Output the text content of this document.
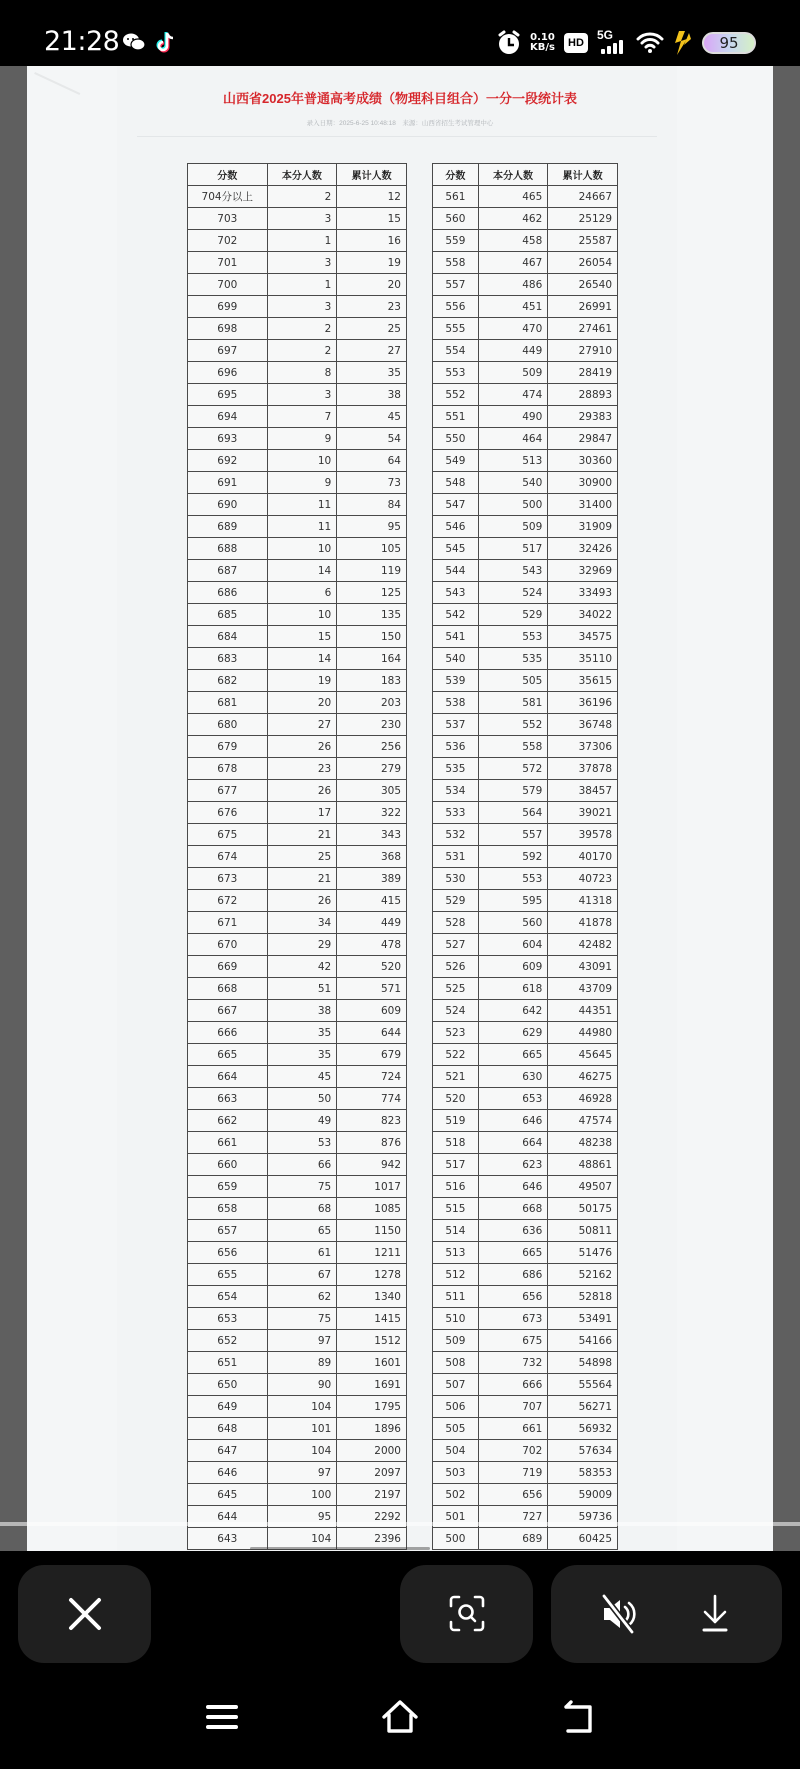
21:28	0.10
KB/s	HD
5G	95
山西省2025年普通高考成绩（物理科目组合）一分一段统计表
录入日期：2025-6-25 10:48:18　来源：山西省招生考试管理中心
分数	本分人数	累计人数
704分以上	2	12
703	3	15
702	1	16
701	3	19
700	1	20
699	3	23
698	2	25
697	2	27
696	8	35
695	3	38
694	7	45
693	9	54
692	10	64
691	9	73
690	11	84
689	11	95
688	10	105
687	14	119
686	6	125
685	10	135
684	15	150
683	14	164
682	19	183
681	20	203
680	27	230
679	26	256
678	23	279
677	26	305
676	17	322
675	21	343
674	25	368
673	21	389
672	26	415
671	34	449
670	29	478
669	42	520
668	51	571
667	38	609
666	35	644
665	35	679
664	45	724
663	50	774
662	49	823
661	53	876
660	66	942
659	75	1017
658	68	1085
657	65	1150
656	61	1211
655	67	1278
654	62	1340
653	75	1415
652	97	1512
651	89	1601
650	90	1691
649	104	1795
648	101	1896
647	104	2000
646	97	2097
645	100	2197
644	95	2292
643	104	2396
分数	本分人数	累计人数
561	465	24667
560	462	25129
559	458	25587
558	467	26054
557	486	26540
556	451	26991
555	470	27461
554	449	27910
553	509	28419
552	474	28893
551	490	29383
550	464	29847
549	513	30360
548	540	30900
547	500	31400
546	509	31909
545	517	32426
544	543	32969
543	524	33493
542	529	34022
541	553	34575
540	535	35110
539	505	35615
538	581	36196
537	552	36748
536	558	37306
535	572	37878
534	579	38457
533	564	39021
532	557	39578
531	592	40170
530	553	40723
529	595	41318
528	560	41878
527	604	42482
526	609	43091
525	618	43709
524	642	44351
523	629	44980
522	665	45645
521	630	46275
520	653	46928
519	646	47574
518	664	48238
517	623	48861
516	646	49507
515	668	50175
514	636	50811
513	665	51476
512	686	52162
511	656	52818
510	673	53491
509	675	54166
508	732	54898
507	666	55564
506	707	56271
505	661	56932
504	702	57634
503	719	58353
502	656	59009
501	727	59736
500	689	60425
